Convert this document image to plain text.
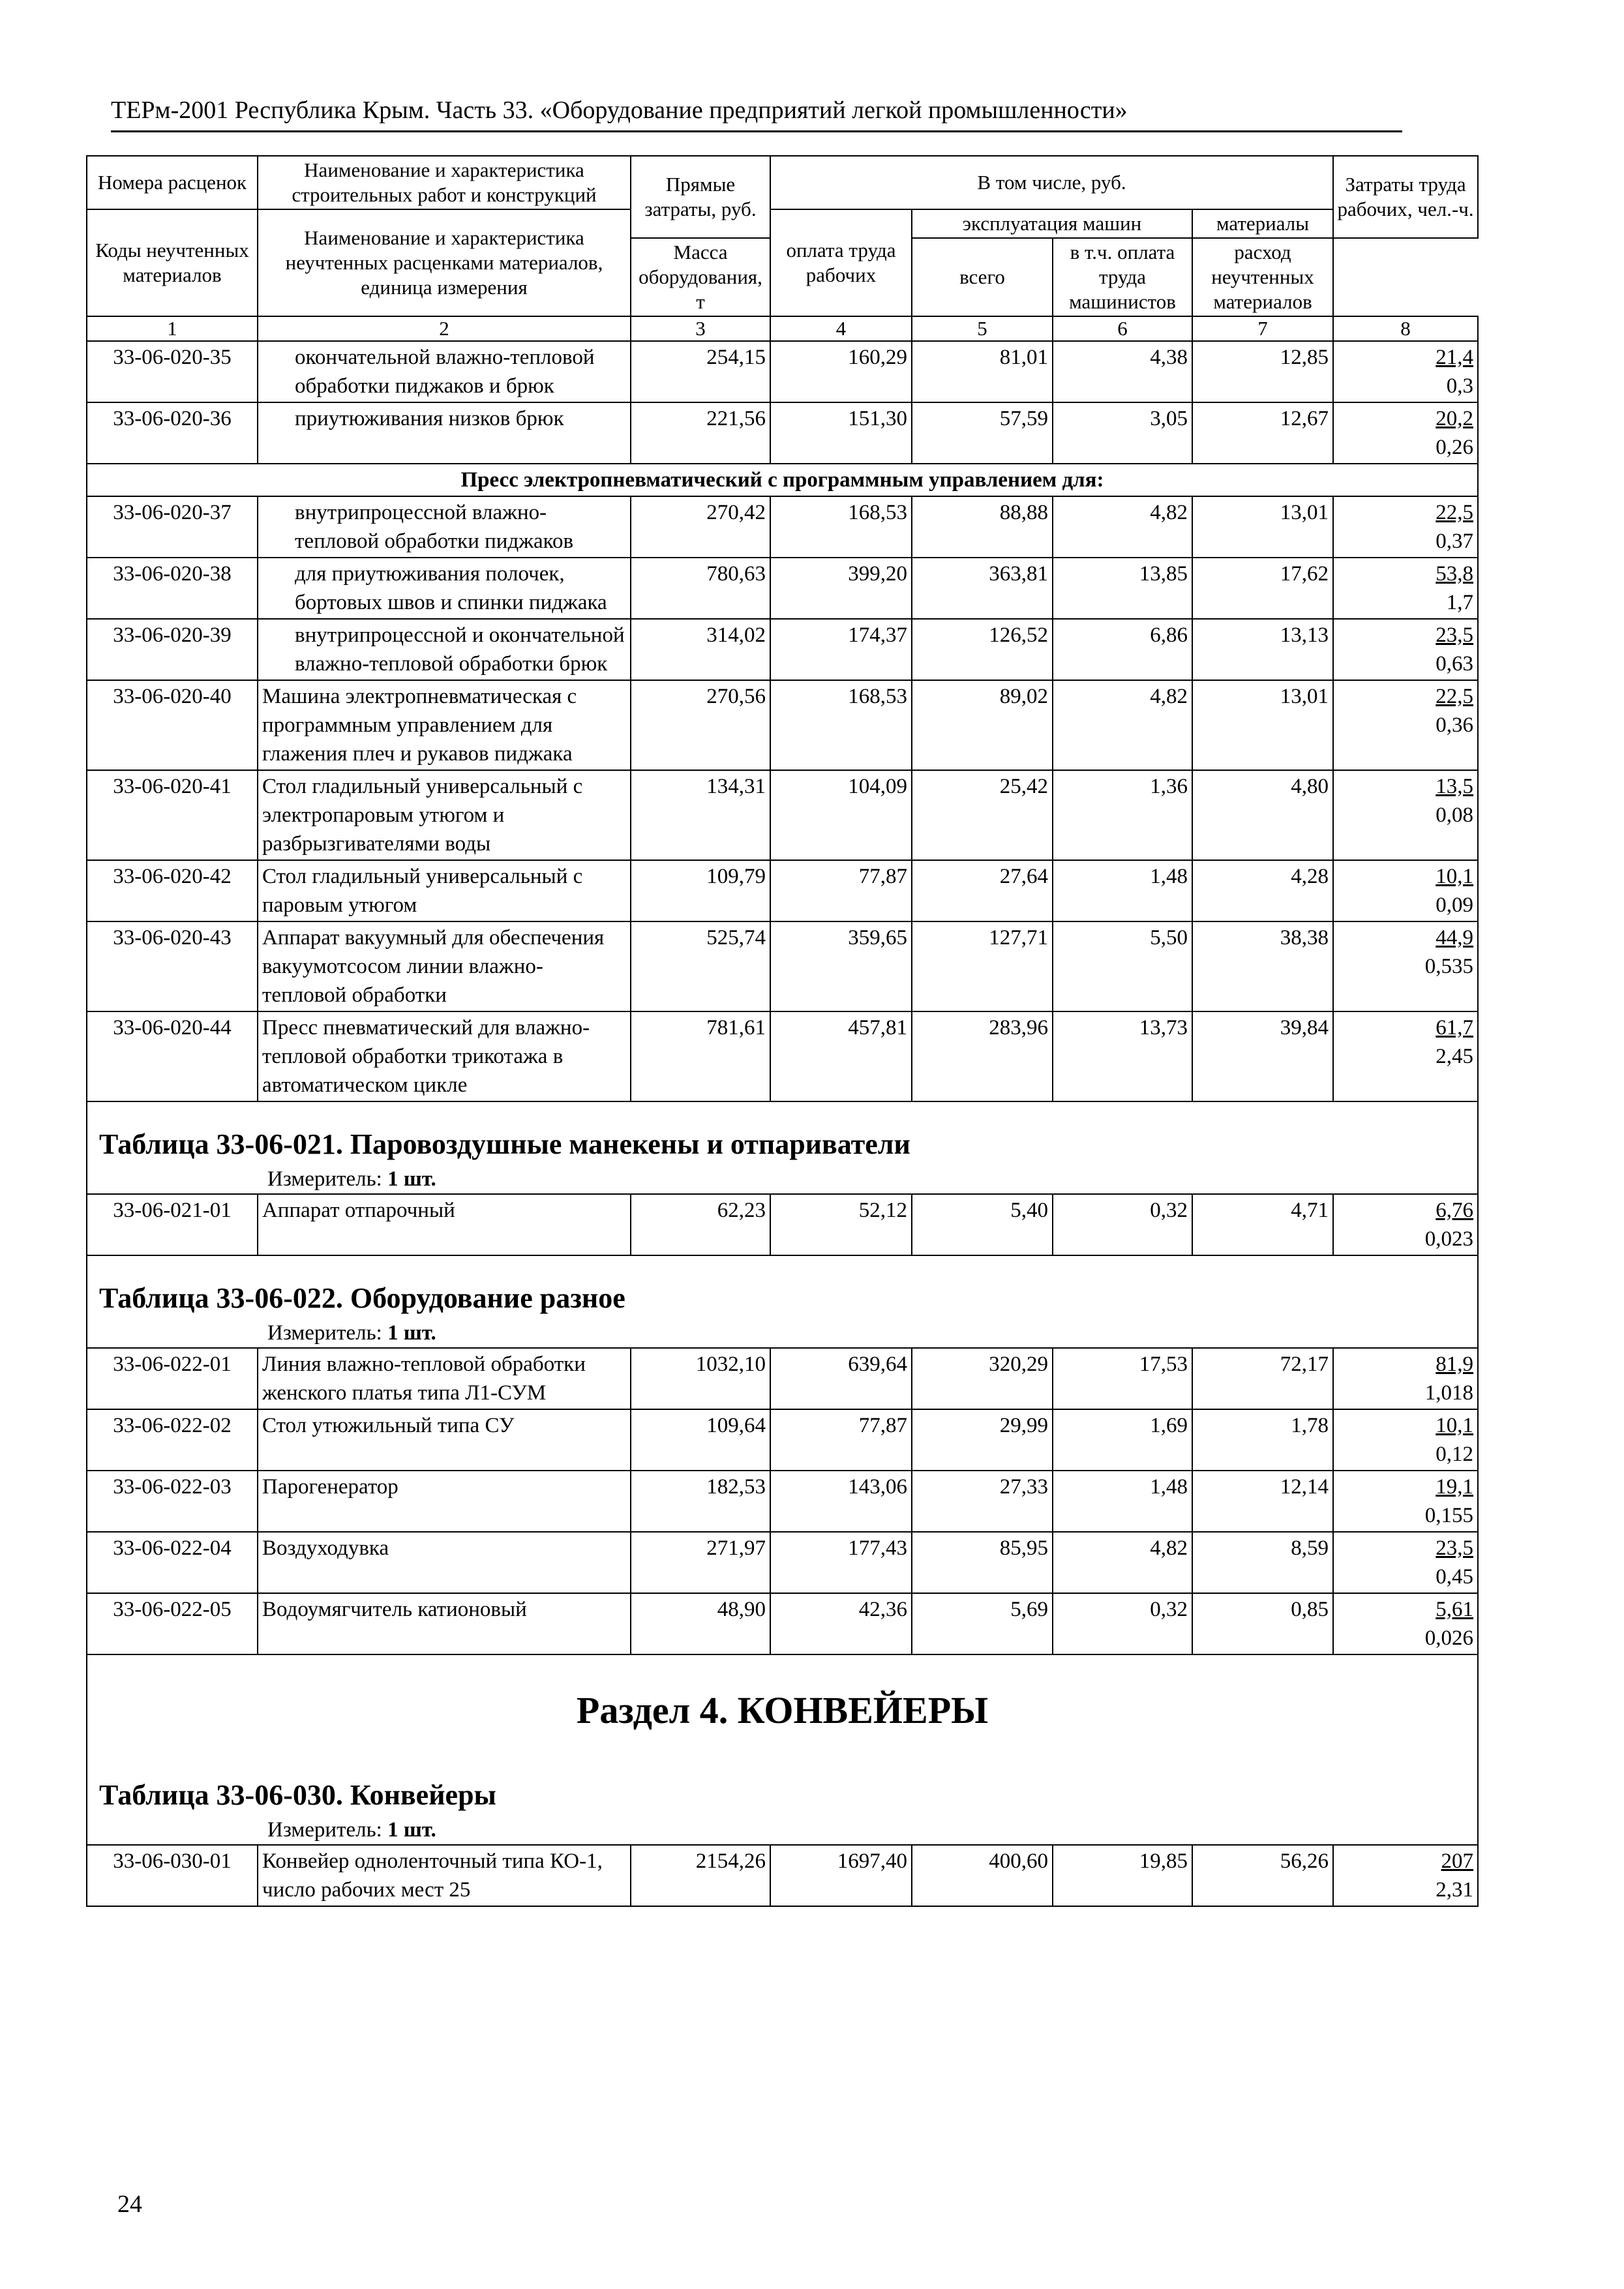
ТЕРм-2001 Республика Крым. Часть 33. «Оборудование предприятий легкой промышленности»
Номера расценок	Наименование и характеристика строительных работ и конструкций	Прямые затраты, руб.	В том числе, руб.				Затраты труда рабочих, чел.-ч.
Коды неучтенных материалов	Наименование и характеристика неучтенных расценками материалов, единица измерения		оплата труда рабочих	эксплуатация машин		материалы	
				всего	в т.ч. оплата труда машинистов	расход неучтенных материалов	
		Масса оборудования, т					
1	2	3	4	5	6	7	8
33-06-020-35	окончательной влажно-тепловой обработки пиджаков и брюк	254,15	160,29	81,01	4,38	12,85	21,4
0,3

33-06-020-36	приутюживания низков брюк	221,56	151,30	57,59	3,05	12,67	20,2
0,26

Пресс электропневматический с программным управлением для:							
33-06-020-37	внутрипроцессной влажно-тепловой обработки пиджаков	270,42	168,53	88,88	4,82	13,01	22,5
0,37

33-06-020-38	для приутюживания полочек, бортовых швов и спинки пиджака	780,63	399,20	363,81	13,85	17,62	53,8
1,7

33-06-020-39	внутрипроцессной и окончательной влажно-тепловой обработки брюк	314,02	174,37	126,52	6,86	13,13	23,5
0,63

33-06-020-40	Машина электропневматическая с программным управлением для глажения плеч и рукавов пиджака	270,56	168,53	89,02	4,82	13,01	22,5
0,36

33-06-020-41	Стол гладильный универсальный с электропаровым утюгом и разбрызгивателями воды	134,31	104,09	25,42	1,36	4,80	13,5
0,08

33-06-020-42	Стол гладильный универсальный с паровым утюгом	109,79	77,87	27,64	1,48	4,28	10,1
0,09

33-06-020-43	Аппарат вакуумный для обеспечения вакуумотсосом линии влажно-тепловой обработки	525,74	359,65	127,71	5,50	38,38	44,9
0,535

33-06-020-44	Пресс пневматический для влажно-тепловой обработки трикотажа в автоматическом цикле	781,61	457,81	283,96	13,73	39,84	61,7
2,45

Таблица 33-06-021. Паровоздушные манекены и отпариватели							
Измеритель: 1 шт.							
33-06-021-01	Аппарат отпарочный	62,23	52,12	5,40	0,32	4,71	6,76
0,023

Таблица 33-06-022. Оборудование разное							
Измеритель: 1 шт.							
33-06-022-01	Линия влажно-тепловой обработки женского платья типа Л1-СУМ	1032,10	639,64	320,29	17,53	72,17	81,9
1,018

33-06-022-02	Стол утюжильный типа СУ	109,64	77,87	29,99	1,69	1,78	10,1
0,12

33-06-022-03	Парогенератор	182,53	143,06	27,33	1,48	12,14	19,1
0,155

33-06-022-04	Воздуходувка	271,97	177,43	85,95	4,82	8,59	23,5
0,45

33-06-022-05	Водоумягчитель катионовый	48,90	42,36	5,69	0,32	0,85	5,61
0,026

Раздел 4. КОНВЕЙЕРЫ							
Таблица 33-06-030. Конвейеры							
Измеритель: 1 шт.							
33-06-030-01	Конвейер одноленточный типа КО-1, число рабочих мест 25	2154,26	1697,40	400,60	19,85	56,26	207
2,31
24
